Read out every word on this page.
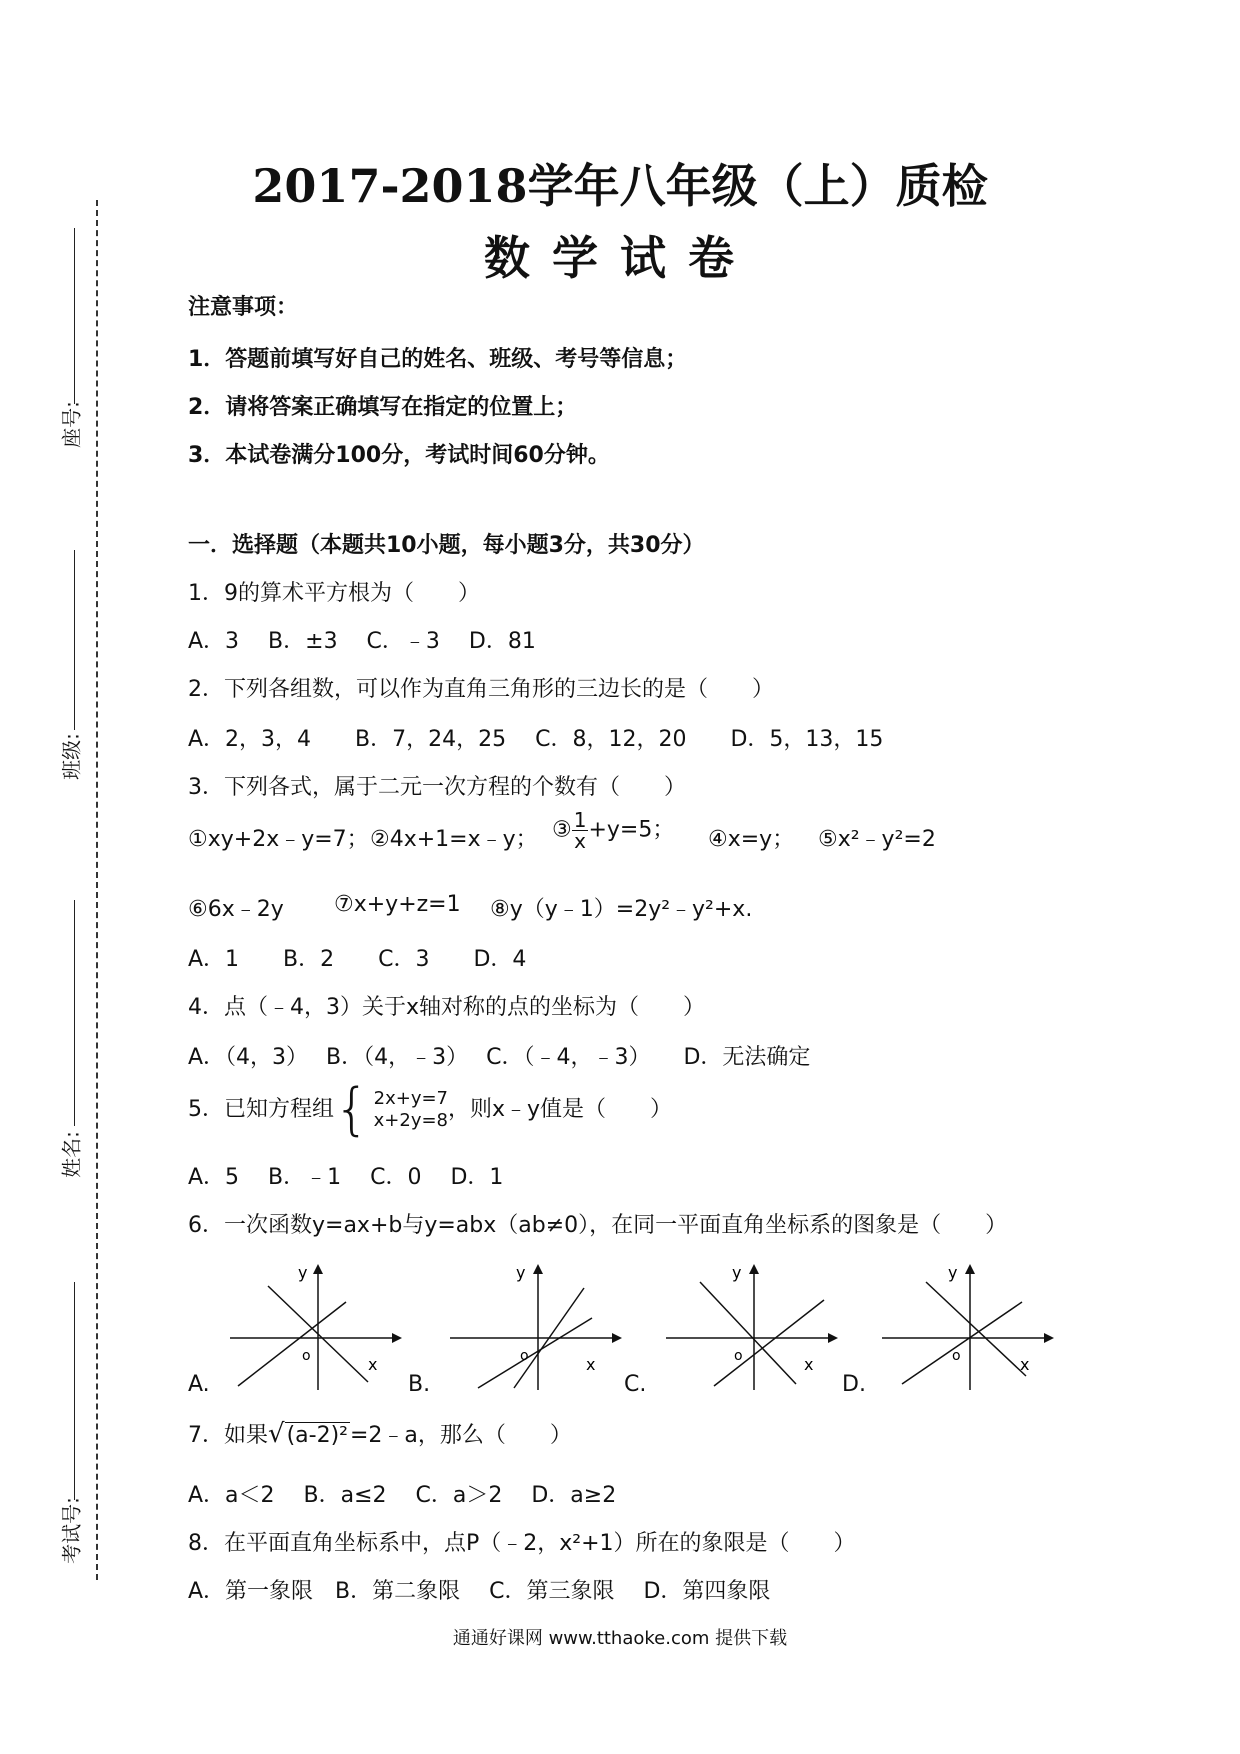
座号:
班级:
姓名:
考试号:
2017-2018学年八年级（上）质检
数学试卷
注意事项：
1．答题前填写好自己的姓名、班级、考号等信息；
2．请将答案正确填写在指定的位置上；
3．本试卷满分100分，考试时间60分钟。
一．选择题（本题共10小题，每小题3分，共30分）
1．9的算术平方根为（　　）
A．3　 B．±3　 C．﹣3　 D．81
2．下列各组数，可以作为直角三角形的三边长的是（　　）
A．2，3，4　　B．7，24，25　 C．8，12，20　　D．5，13，15
3．下列各式，属于二元一次方程的个数有（　　）
①xy+2x﹣y=7； ②4x+1=x﹣y； ③ $\frac{1}{x} +y=5$； ④x=y； ⑤x²﹣y²=2
⑥6x﹣2y ⑦x+y+z=1 ⑧y（y﹣1）=2y²﹣y²+x.
A．1　　B．2　　C．3　　D．4
4．点（﹣4，3）关于x轴对称的点的坐标为（　　）
A．（4，3）　 B．（4，﹣3）　 C．（﹣4，﹣3）　　D．无法确定
5．已知方程组 { 2x+y=7
x+2y=8 ，则x﹣y值是（　　）
A．5　 B．﹣1　 C．0　 D．1
6．一次函数y=ax+b与y=abx（ab≠0），在同一平面直角坐标系的图象是（　　）
y
o	x
y
o	x
y
o	x
y
o	x
A.	B.	C.	D.
7．如果√(a-2)²=2﹣a，那么（　　）
A．a＜2　 B．a≤2　 C．a＞2　 D．a≥2
8．在平面直角坐标系中，点P（﹣2，x²+1）所在的象限是（　　）
A．第一象限　B．第二象限　 C．第三象限　 D．第四象限
通通好课网 www.tthaoke.com 提供下载
